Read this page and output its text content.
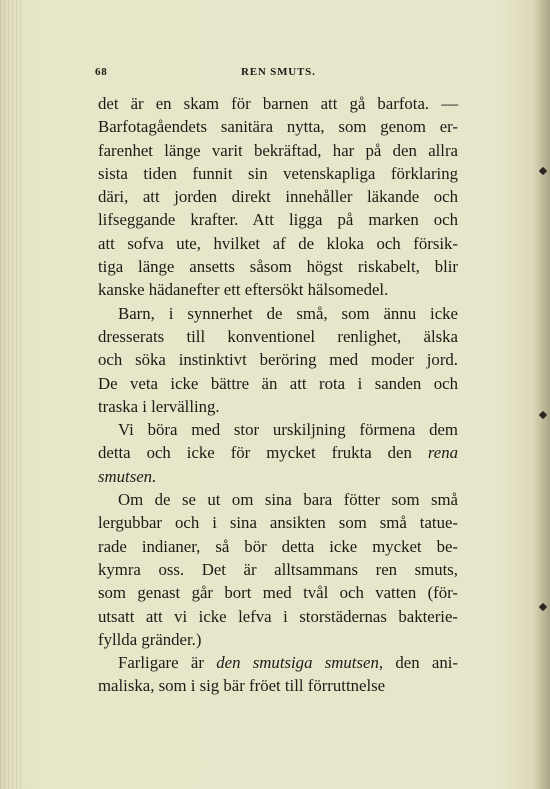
68	REN SMUTS.
det är en skam för barnen att gå barfota. —
Barfotagåendets sanitära nytta, som genom er-
farenhet länge varit bekräftad, har på den allra
sista tiden funnit sin vetenskapliga förklaring
däri, att jorden direkt innehåller läkande och
lifseggande krafter. Att ligga på marken och
att sofva ute, hvilket af de kloka och försik-
tiga länge ansetts såsom högst riskabelt, blir
kanske hädanefter ett eftersökt hälsomedel.
Barn, i synnerhet de små, som ännu icke
dresserats till konventionel renlighet, älska
och söka instinktivt beröring med moder jord.
De veta icke bättre än att rota i sanden och
traska i lervälling.
Vi böra med stor urskiljning förmena dem
detta och icke för mycket frukta den rena
smutsen.
Om de se ut om sina bara fötter som små
lergubbar och i sina ansikten som små tatue-
rade indianer, så bör detta icke mycket be-
kymra oss. Det är alltsammans ren smuts,
som genast går bort med tvål och vatten (för-
utsatt att vi icke lefva i storstädernas bakterie-
fyllda gränder.)
Farligare är den smutsiga smutsen, den ani-
maliska, som i sig bär fröet till förruttnelse
